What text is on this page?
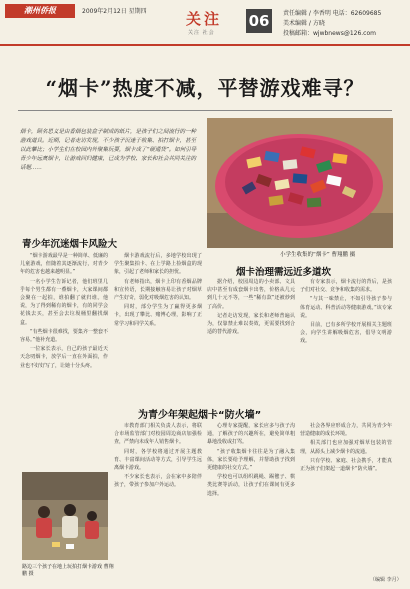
潮州侨报	2009年2月12日 星期四	关注
关注 社会
06	责任编辑 / 李香明 电话：62609685
美术编辑 / 方晓
投稿邮箱：wjwbnews@126.com
“烟卡”热度不减，平替游戏难寻？
烟卡，顾名思义是由香烟包装盒子制成的纸片，是孩子们之间流行的一种游戏道具。近期，记者走访发现，不少孩子沉迷于收集、拍打烟卡，甚至以此攀比；小学生们在校园内外聚集玩耍，烟卡成了“硬通货”。如何引导青少年远离烟卡，让游戏回归健康，已成为学校、家长和社会共同关注的话题……
小学生收集的“烟卡” 曹翔鹏 摄
青少年沉迷烟卡风险大
烟卡治理需远近多道坎
为青少年架起烟卡“防火墙”

“烟卡游戏最早是一种简单、低廉的儿童游戏，但随着其逐渐流行，对青少年的危害也越来越明显。”

一名小学生告诉记者，他们班里几乎每个男生都有一叠烟卡，大家课间都会聚在一起拍，谁拍翻了就归谁。他说，为了得到稀有的烟卡，有的同学会花钱去买，甚至会去垃圾桶里翻找烟盒。

“有些烟卡很难找，要集齐一整套不容易。”他补充道。

一位家长表示，自己的孩子最近天天念叨烟卡，放学后一直在外面拍，作业也不好好写了，让她十分头疼。

烟卡游戏流行后，多地学校出现了学生聚集拍卡、在上学路上捡烟盒的现象，引起了老师和家长的担忧。

有老师指出，烟卡上印有香烟品牌和宣传语，长期接触容易让孩子对烟草产生好奇，弱化对吸烟危害的认知。

同时，部分学生为了赢得更多烟卡，出现了攀比、赌博心理，影响了正常学习和同学关系。

据介绍，校园周边的小卖部、文具店中甚至有成套烟卡出售，价格从几元到几十元不等，一些“稀有款”还被炒到了高价。

记者走访发现，家长和老师普遍认为，仅靠禁止难以奏效，更需要找到合适的替代游戏。

有专家表示，烟卡流行的背后，是孩子们对社交、竞争和收集的需求。

“与其一味禁止，不如引导孩子参与体育运动、科普活动等健康游戏。”该专家说。

目前，已有多所学校开展相关主题班会，向学生讲解吸烟危害，倡导文明游戏。

市教育部门相关负责人表示，将联合市场监管部门对校园周边商店加强检查，严禁向未成年人销售烟卡。

同时，各学校将通过开展主题教育、丰富课间活动等方式，引导学生远离烟卡游戏。

不少家长也表示，会在家中多陪伴孩子，带孩子参加户外运动。

心理专家提醒，家长应多与孩子沟通，了解孩子的兴趣所在，避免简单粗暴地没收或打骂。

“孩子收集烟卡往往是为了融入集体，家长要给予理解，并帮助孩子找到更健康的社交方式。”

学校也可以组织跳绳、踢毽子、棋类比赛等活动，让孩子们在课间有更多选择。

社会各界应形成合力，共同为青少年营造健康的成长环境。

相关部门也应加强对烟草包装的管理，从源头上减少烟卡的流通。

只有学校、家庭、社会携手，才能真正为孩子们架起一道烟卡“防火墙”。

路边三个孩子在地上玩拍打烟卡游戏 曹翔鹏 摄
（编辑 李月）
